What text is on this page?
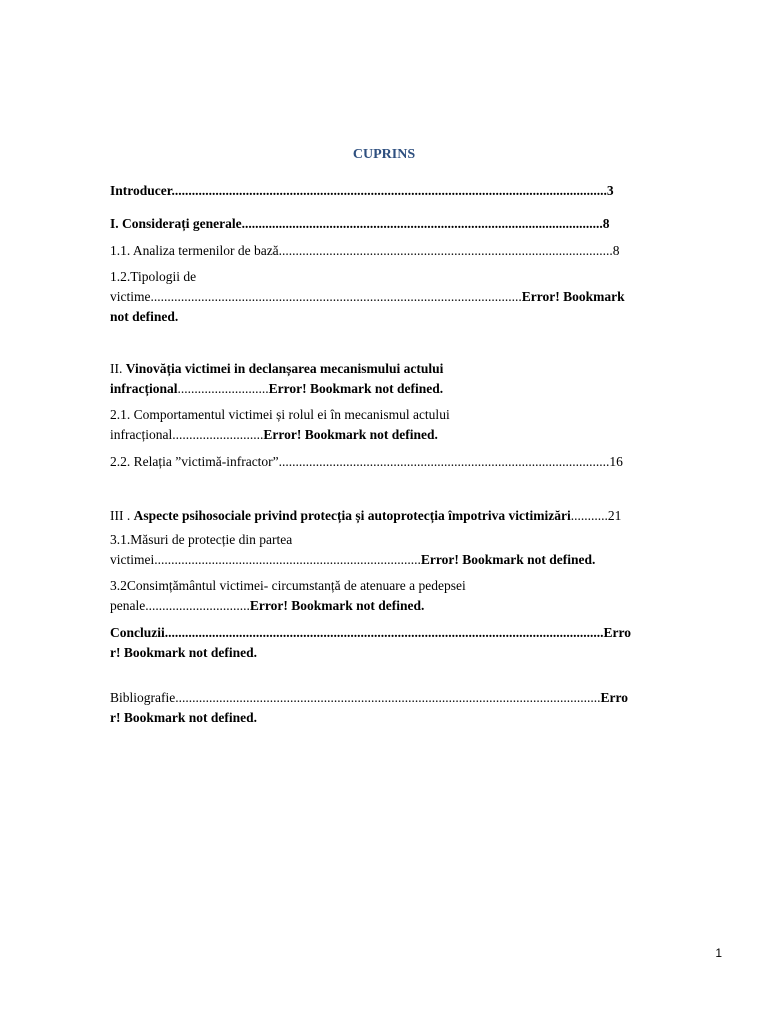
CUPRINS
Introducer.................................................................................................................................3
I. Considerați generale...........................................................................................................8
1.1. Analiza termenilor de bază...................................................................................................8
1.2.Tipologii de
victime..............................................................................................................Error! Bookmark
not defined.
II. Vinovăția victimei in declanșarea mecanismului actului
infracțional...........................Error! Bookmark not defined.
2.1. Comportamentul victimei și rolul ei în mecanismul actului
infracțional...........................Error! Bookmark not defined.
2.2. Relația ”victimă-infractor”..................................................................................................16
III . Aspecte psihosociale privind protecția și autoprotecția împotriva victimizări...........21
3.1.Măsuri de protecție din partea
victimei...............................................................................Error! Bookmark not defined.
3.2Consimțământul victimei- circumstanță de atenuare a pedepsei
penale...............................Error! Bookmark not defined.
Concluzii..................................................................................................................................Erro
r! Bookmark not defined.
Bibliografie..............................................................................................................................Erro
r! Bookmark not defined.
1
